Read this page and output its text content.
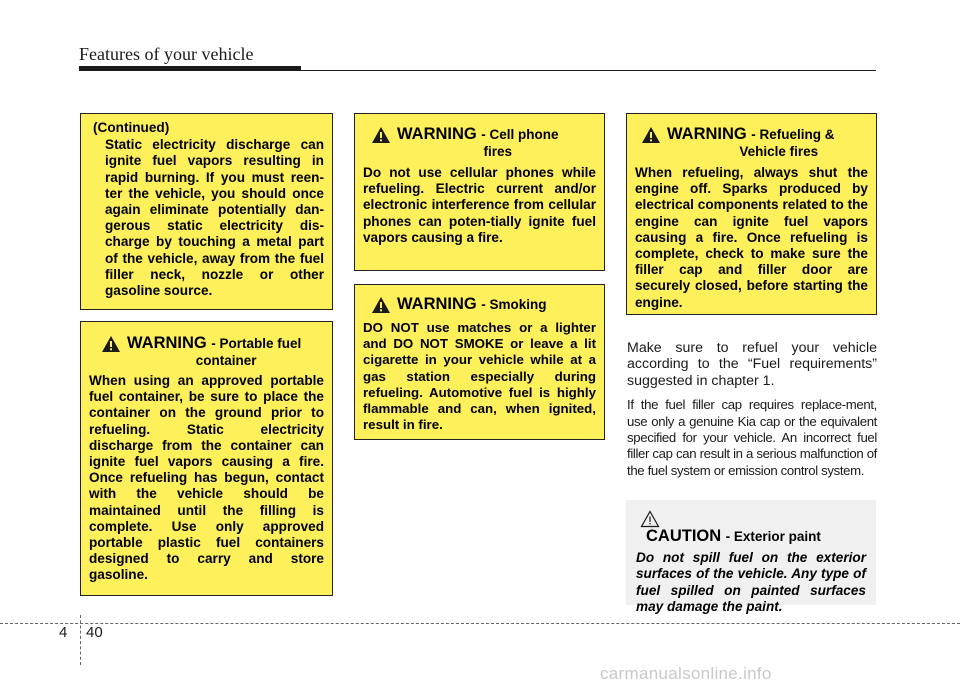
Features of your vehicle
(Continued)
Static electricity discharge can ignite fuel vapors resulting in rapid burning. If you must reen-ter the vehicle, you should once again eliminate potentially dan-gerous static electricity dis-charge by touching a metal part of the vehicle, away from the fuel filler neck, nozzle or other gasoline source.
WARNING - Portable fuel
container
When using an approved portable fuel container, be sure to place the container on the ground prior to refueling. Static electricity discharge from the container can ignite fuel vapors causing a fire. Once refueling has begun, contact with the vehicle should be maintained until the filling is complete. Use only approved portable plastic fuel containers designed to carry and store gasoline.
WARNING - Cell phone
fires
Do not use cellular phones while refueling. Electric current and/or electronic interference from cellular phones can poten-tially ignite fuel vapors causing a fire.
WARNING - Smoking
DO NOT use matches or a lighter and DO NOT SMOKE or leave a lit cigarette in your vehicle while at a gas station especially during refueling. Automotive fuel is highly flammable and can, when ignited, result in fire.
WARNING - Refueling &
Vehicle fires
When refueling, always shut the engine off. Sparks produced by electrical components related to the engine can ignite fuel vapors causing a fire. Once refueling is complete, check to make sure the filler cap and filler door are securely closed, before starting the engine.

Make sure to refuel your vehicle according to the “Fuel requirements” suggested in chapter 1.

If the fuel filler cap requires replace-ment, use only a genuine Kia cap or the equivalent specified for your vehicle. An incorrect fuel filler cap can result in a serious malfunction of the fuel system or emission control system.

CAUTION - Exterior paint
Do not spill fuel on the exterior surfaces of the vehicle. Any type of fuel spilled on painted surfaces may damage the paint.
4 40
carmanualsonline.info
